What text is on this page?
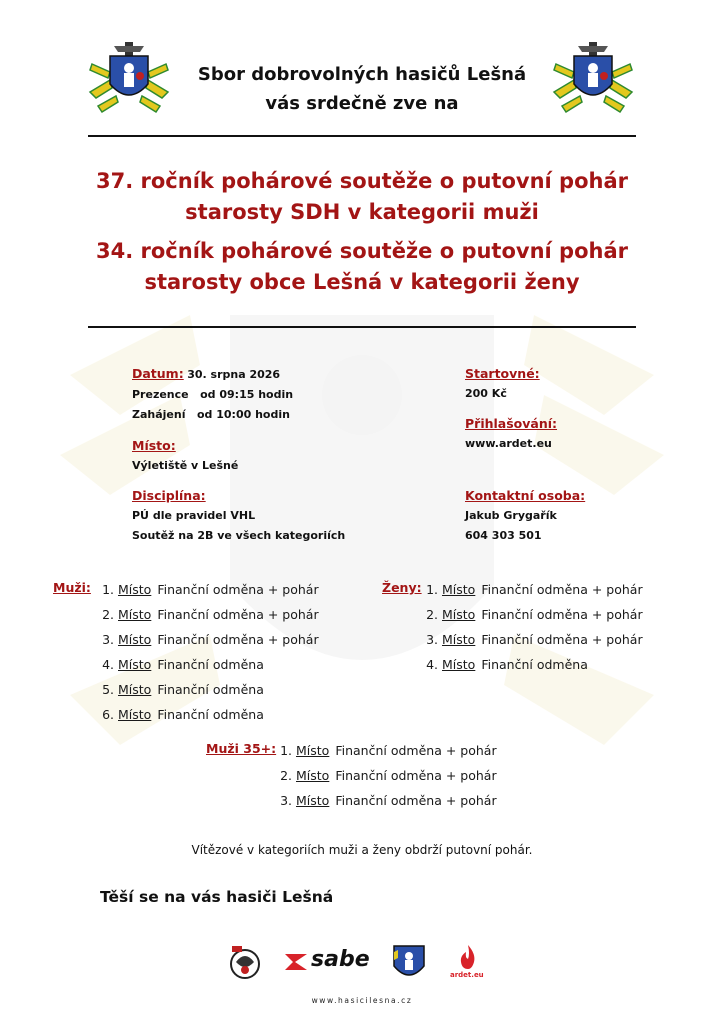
Sbor dobrovolných hasičů Lešná
vás srdečně zve na
37. ročník pohárové soutěže o putovní pohár
starosty SDH v kategorii muži
34. ročník pohárové soutěže o putovní pohár
starosty obce Lešná v kategorii ženy
Datum: 30. srpna 2026
Prezence   od 09:15 hodin
Zahájení   od 10:00 hodin
Místo:
Výletiště v Lešné
Disciplína:
PÚ dle pravidel VHL
Soutěž na 2B ve všech kategoriích
Startovné:
200 Kč
Přihlašování:
www.ardet.eu
Kontaktní osoba:
Jakub Grygařík
604 303 501
Muži: 1. Místo Finanční odměna + pohár
2. Místo Finanční odměna + pohár
3. Místo Finanční odměna + pohár
4. Místo Finanční odměna
5. Místo Finanční odměna
6. Místo Finanční odměna
Ženy: 1. Místo Finanční odměna + pohár
2. Místo Finanční odměna + pohár
3. Místo Finanční odměna + pohár
4. Místo Finanční odměna
Muži 35+: 1. Místo Finanční odměna + pohár
2. Místo Finanční odměna + pohár
3. Místo Finanční odměna + pohár
Vítězové v kategoriích muži a ženy obdrží putovní pohár.
Těší se na vás hasiči Lešná
sabe
ardet.eu
www.hasicilesna.cz
